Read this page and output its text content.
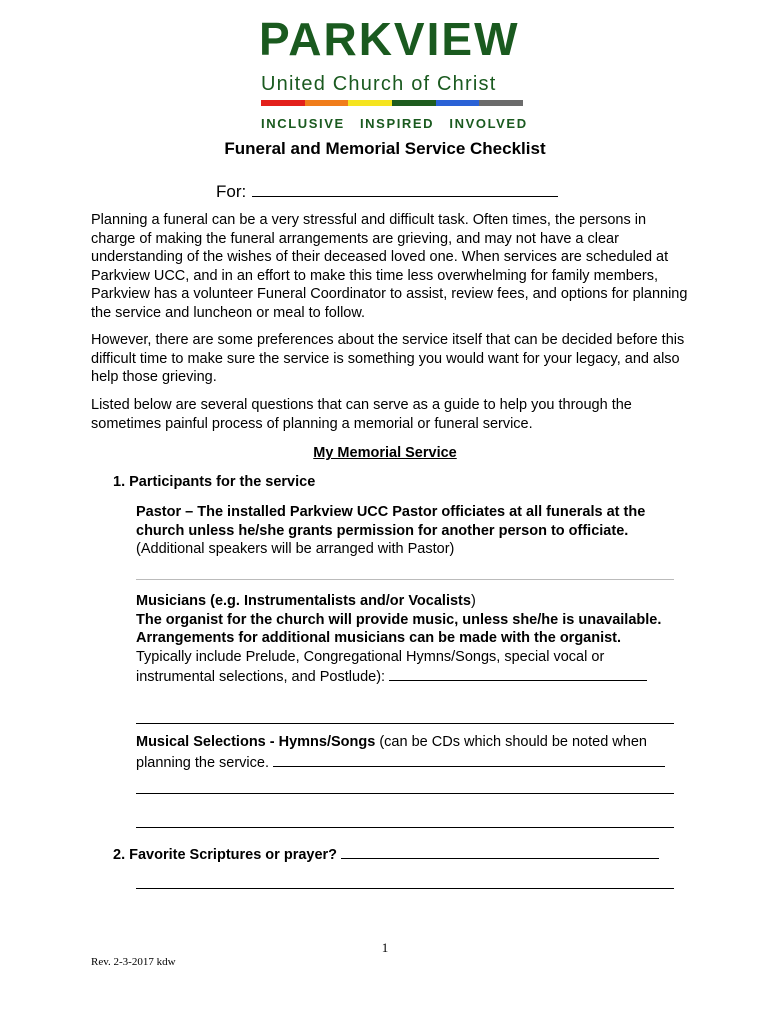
PARKVIEW
United Church of Christ
INCLUSIVE INSPIRED INVOLVED
Funeral and Memorial Service Checklist
For:

Planning a funeral can be a very stressful and difficult task. Often times, the persons in charge of making the funeral arrangements are grieving, and may not have a clear understanding of the wishes of their deceased loved one. When services are scheduled at Parkview UCC, and in an effort to make this time less overwhelming for family members, Parkview has a volunteer Funeral Coordinator to assist, review fees, and options for planning the service and luncheon or meal to follow.

However, there are some preferences about the service itself that can be decided before this difficult time to make sure the service is something you would want for your legacy, and also help those grieving.

Listed below are several questions that can serve as a guide to help you through the sometimes painful process of planning a memorial or funeral service.

My Memorial Service
1. Participants for the service

Pastor – The installed Parkview UCC Pastor officiates at all funerals at the church unless he/she grants permission for another person to officiate.
(Additional speakers will be arranged with Pastor)

Musicians (e.g. Instrumentalists and/or Vocalists)
The organist for the church will provide music, unless she/he is unavailable. Arrangements for additional musicians can be made with the organist.
Typically include Prelude, Congregational Hymns/Songs, special vocal or instrumental selections, and Postlude):

Musical Selections - Hymns/Songs (can be CDs which should be noted when planning the service.

2. Favorite Scriptures or prayer?
1
Rev. 2-3-2017 kdw
